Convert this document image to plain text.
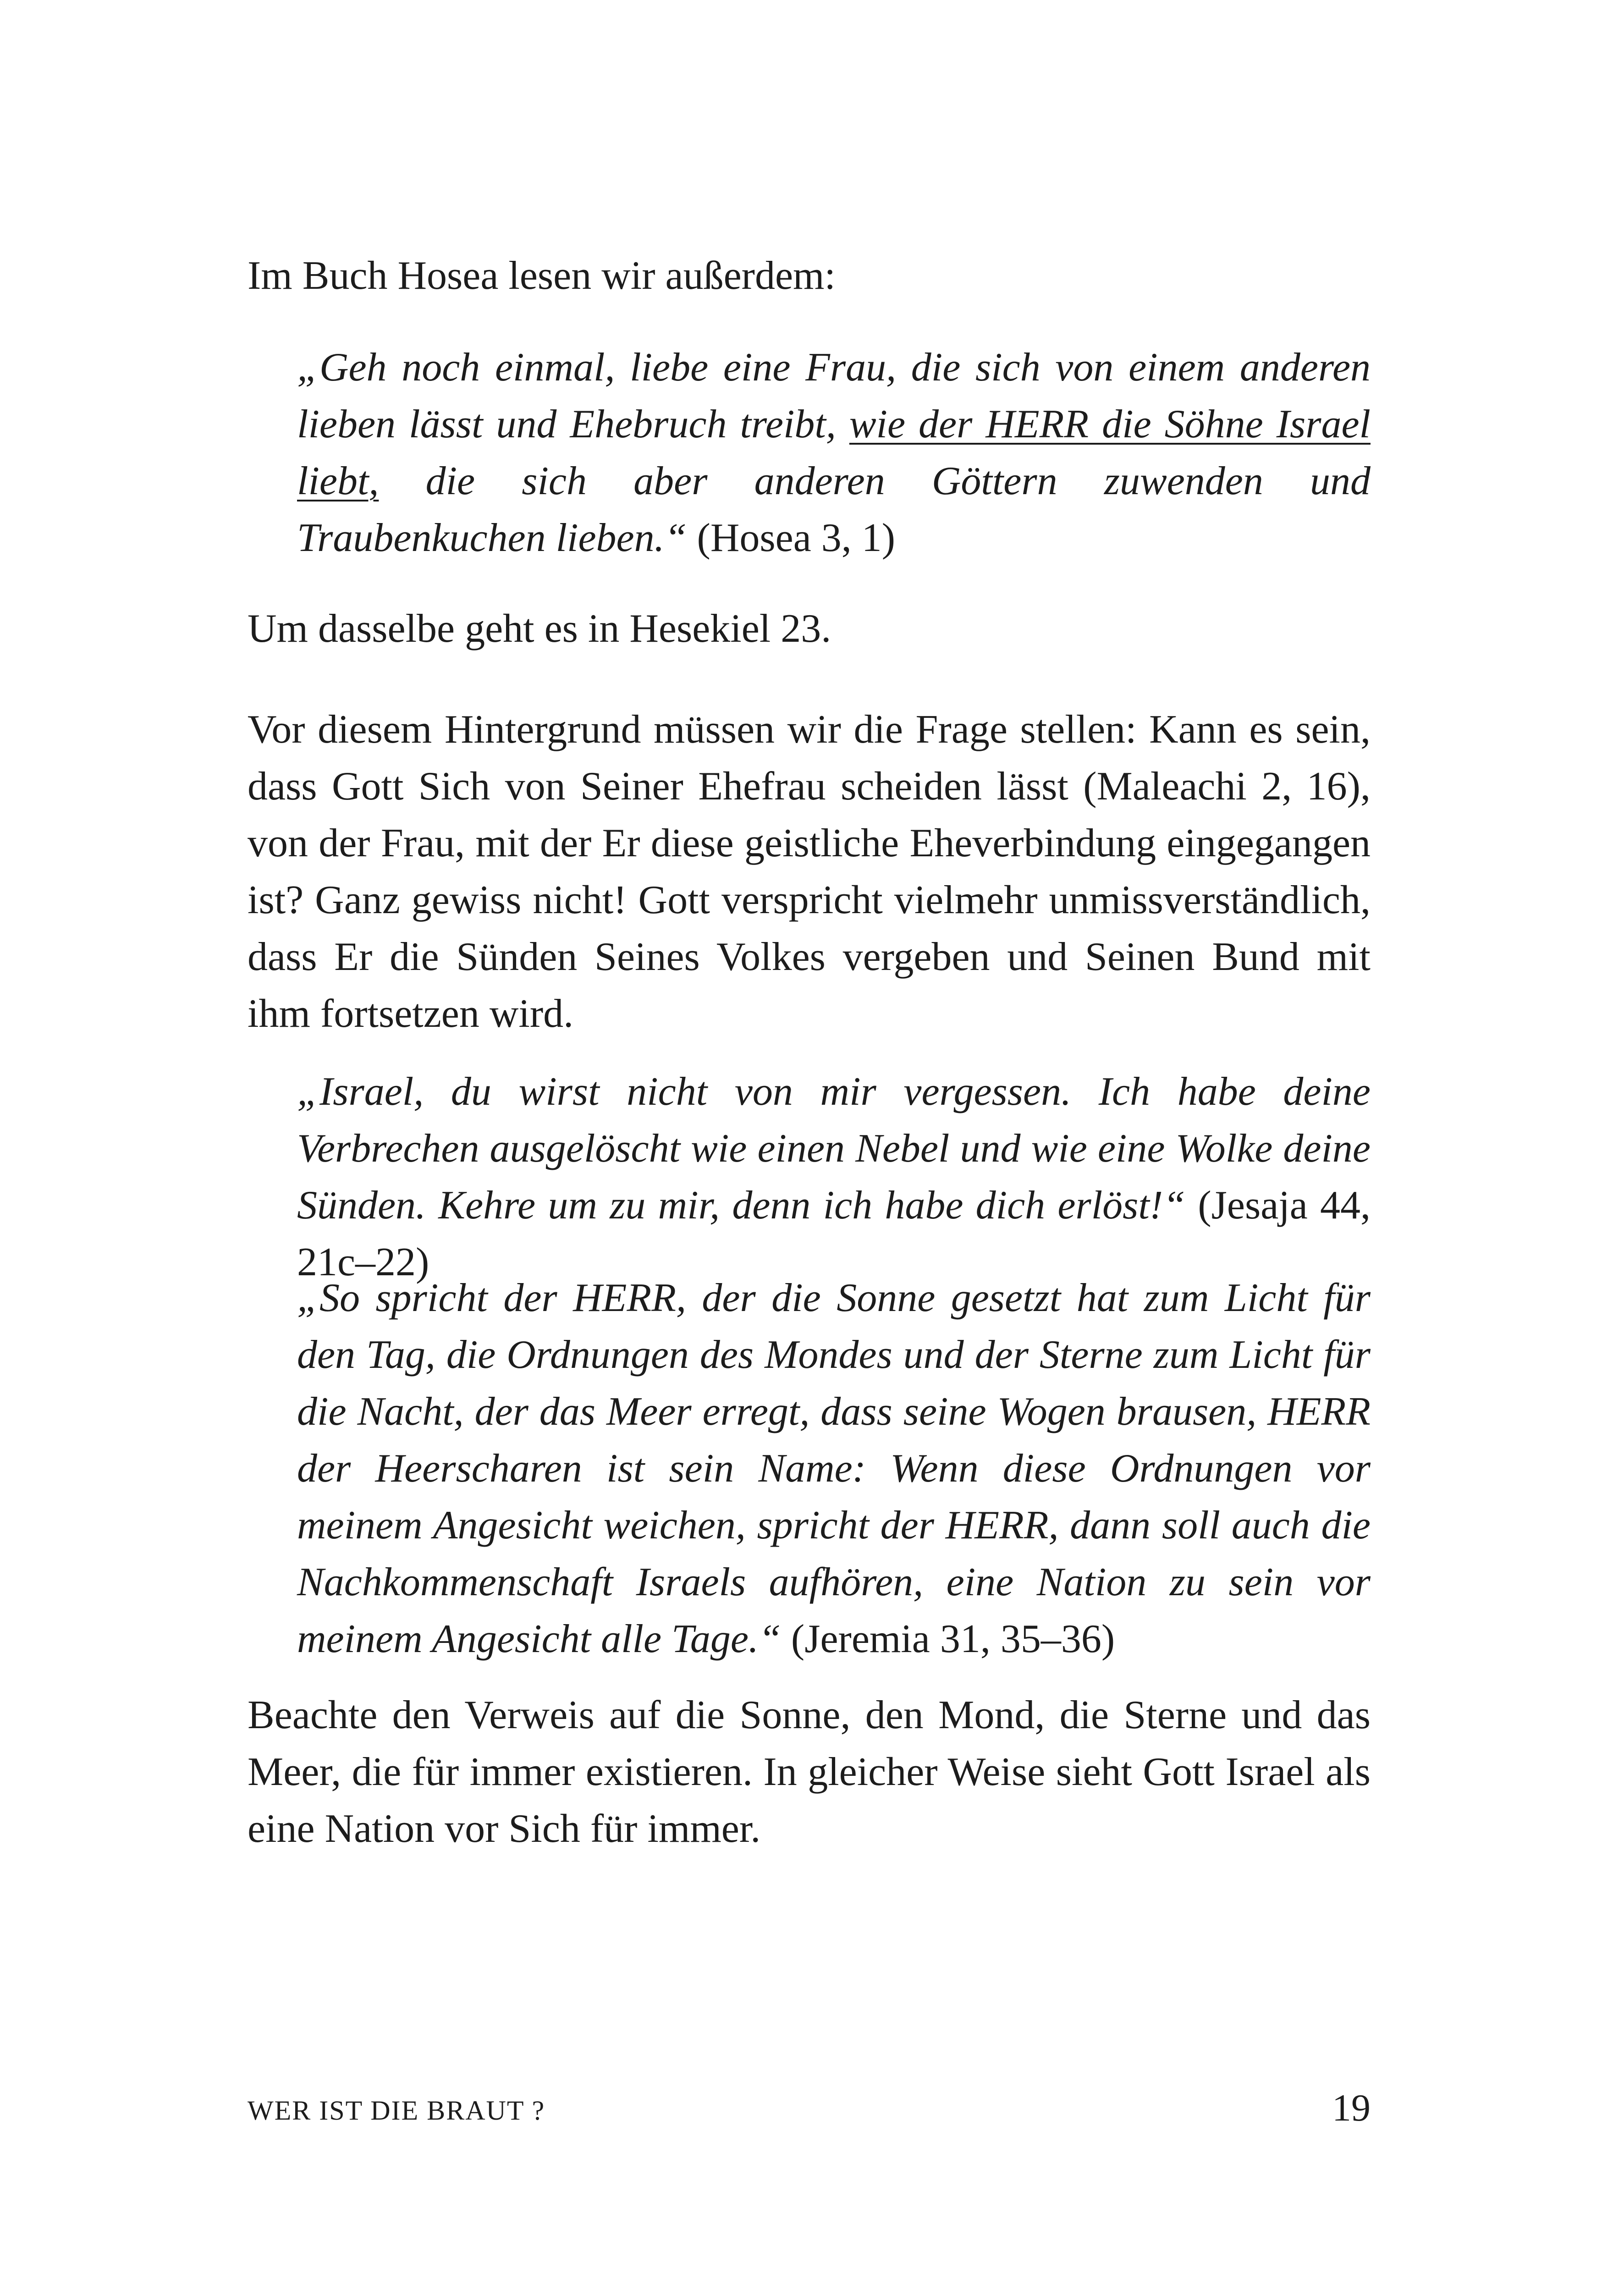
Im Buch Hosea lesen wir außerdem:

„Geh noch einmal, liebe eine Frau, die sich von einem anderen lieben lässt und Ehebruch treibt, wie der HERR die Söhne Israel liebt, die sich aber anderen Göttern zuwenden und Traubenkuchen lieben.“ (Hosea 3, 1)

Um dasselbe geht es in Hesekiel 23.

Vor diesem Hintergrund müssen wir die Frage stellen: Kann es sein, dass Gott Sich von Seiner Ehefrau scheiden lässt (Maleachi 2, 16), von der Frau, mit der Er diese geistliche Eheverbindung eingegangen ist? Ganz gewiss nicht! Gott verspricht vielmehr unmissverständlich, dass Er die Sünden Seines Volkes vergeben und Seinen Bund mit ihm fortsetzen wird.

„Israel, du wirst nicht von mir vergessen. Ich habe deine Verbrechen ausgelöscht wie einen Nebel und wie eine Wolke deine Sünden. Kehre um zu mir, denn ich habe dich erlöst!“ (Jesaja 44, 21c–22)

„So spricht der HERR, der die Sonne gesetzt hat zum Licht für den Tag, die Ordnungen des Mondes und der Sterne zum Licht für die Nacht, der das Meer erregt, dass seine Wogen brausen, HERR der Heerscharen ist sein Name: Wenn diese Ordnungen vor meinem Angesicht weichen, spricht der HERR, dann soll auch die Nachkommenschaft Israels aufhören, eine Nation zu sein vor meinem Angesicht alle Tage.“ (Jeremia 31, 35–36)

Beachte den Verweis auf die Sonne, den Mond, die Sterne und das Meer, die für immer existieren. In gleicher Weise sieht Gott Israel als eine Nation vor Sich für immer.

WER IST DIE BRAUT ?	19
